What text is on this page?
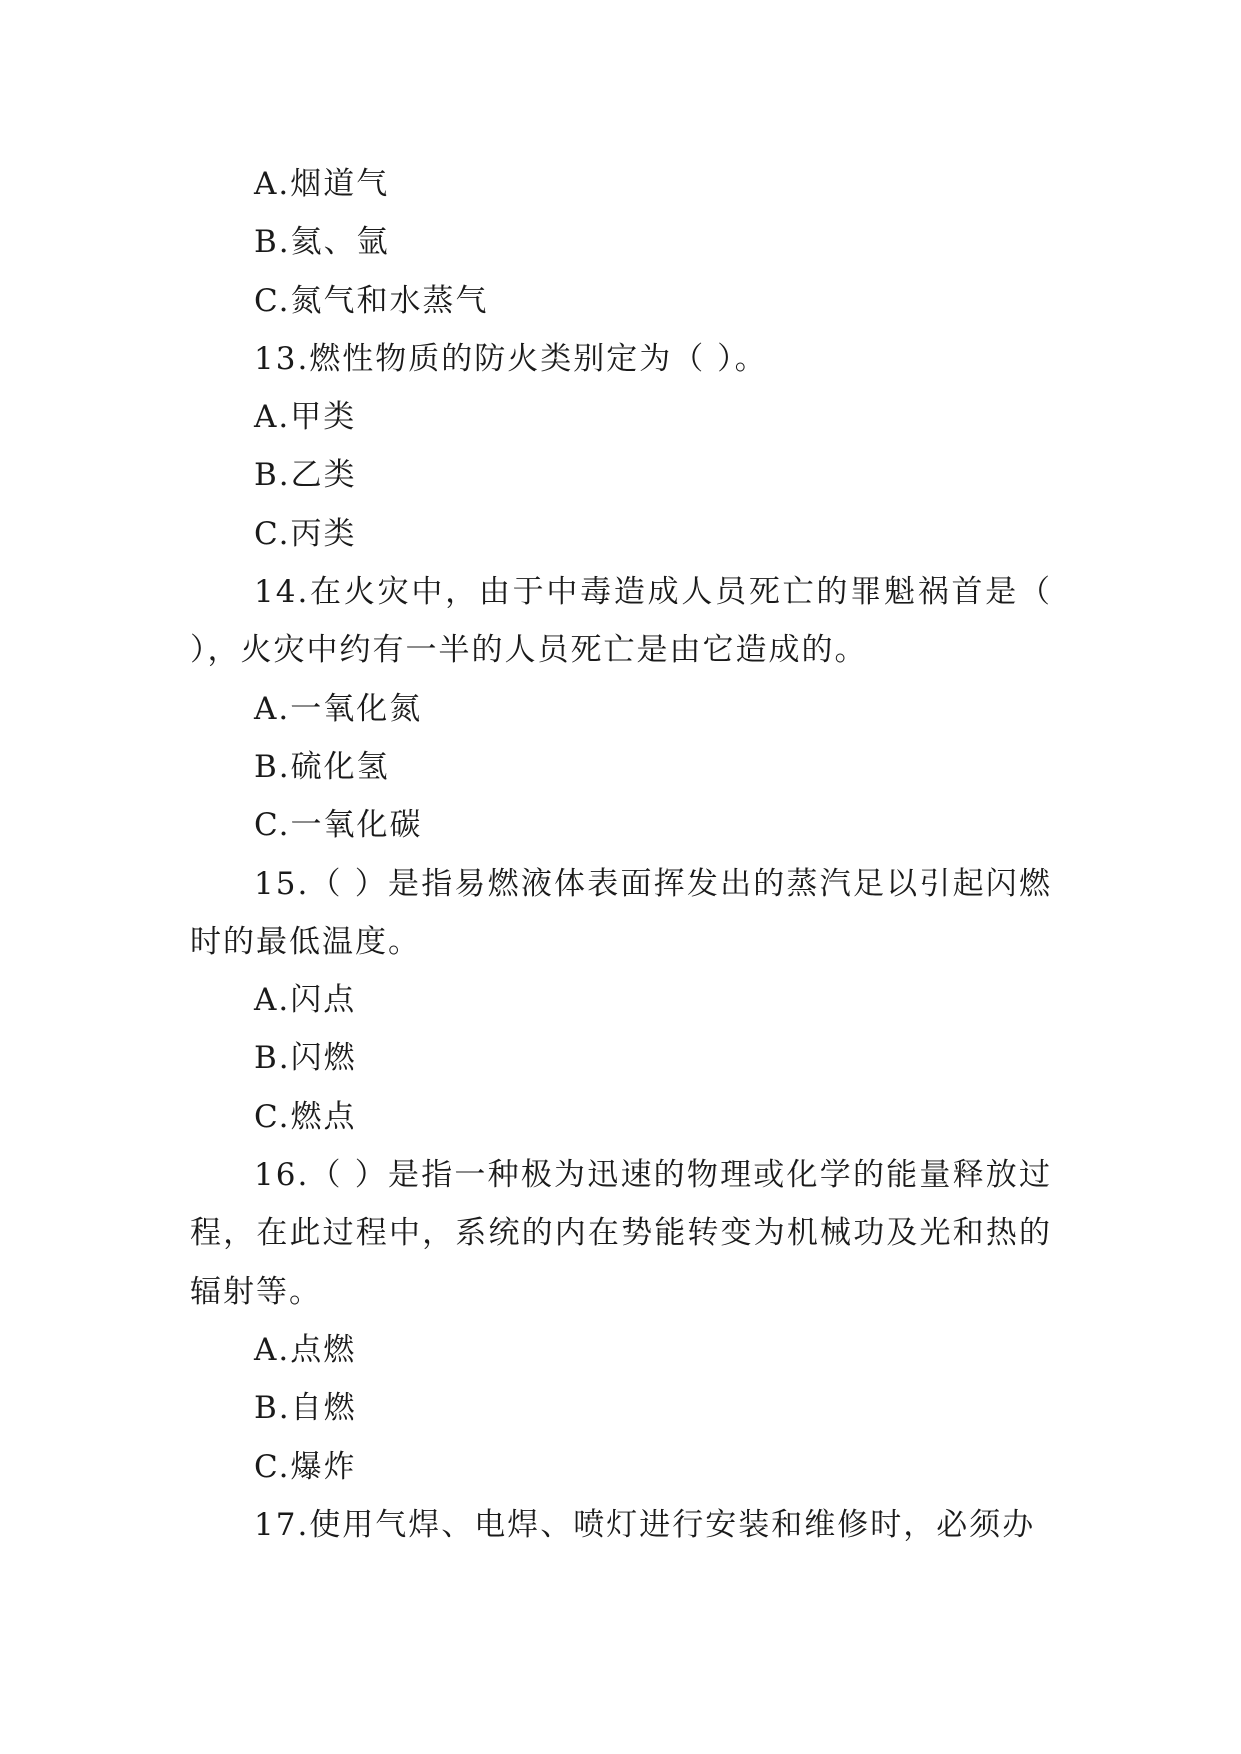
A.烟道气
B.氦、氩
C.氮气和水蒸气
13.燃性物质的防火类别定为（ ）。
A.甲类
B.乙类
C.丙类
14.在火灾中，由于中毒造成人员死亡的罪魁祸首是（ ），火灾中约有一半的人员死亡是由它造成的。
A.一氧化氮
B.硫化氢
C.一氧化碳
15.（ ）是指易燃液体表面挥发出的蒸汽足以引起闪燃时的最低温度。
A.闪点
B.闪燃
C.燃点
16.（ ）是指一种极为迅速的物理或化学的能量释放过程，在此过程中，系统的内在势能转变为机械功及光和热的辐射等。
A.点燃
B.自燃
C.爆炸
17.使用气焊、电焊、喷灯进行安装和维修时，必须办
